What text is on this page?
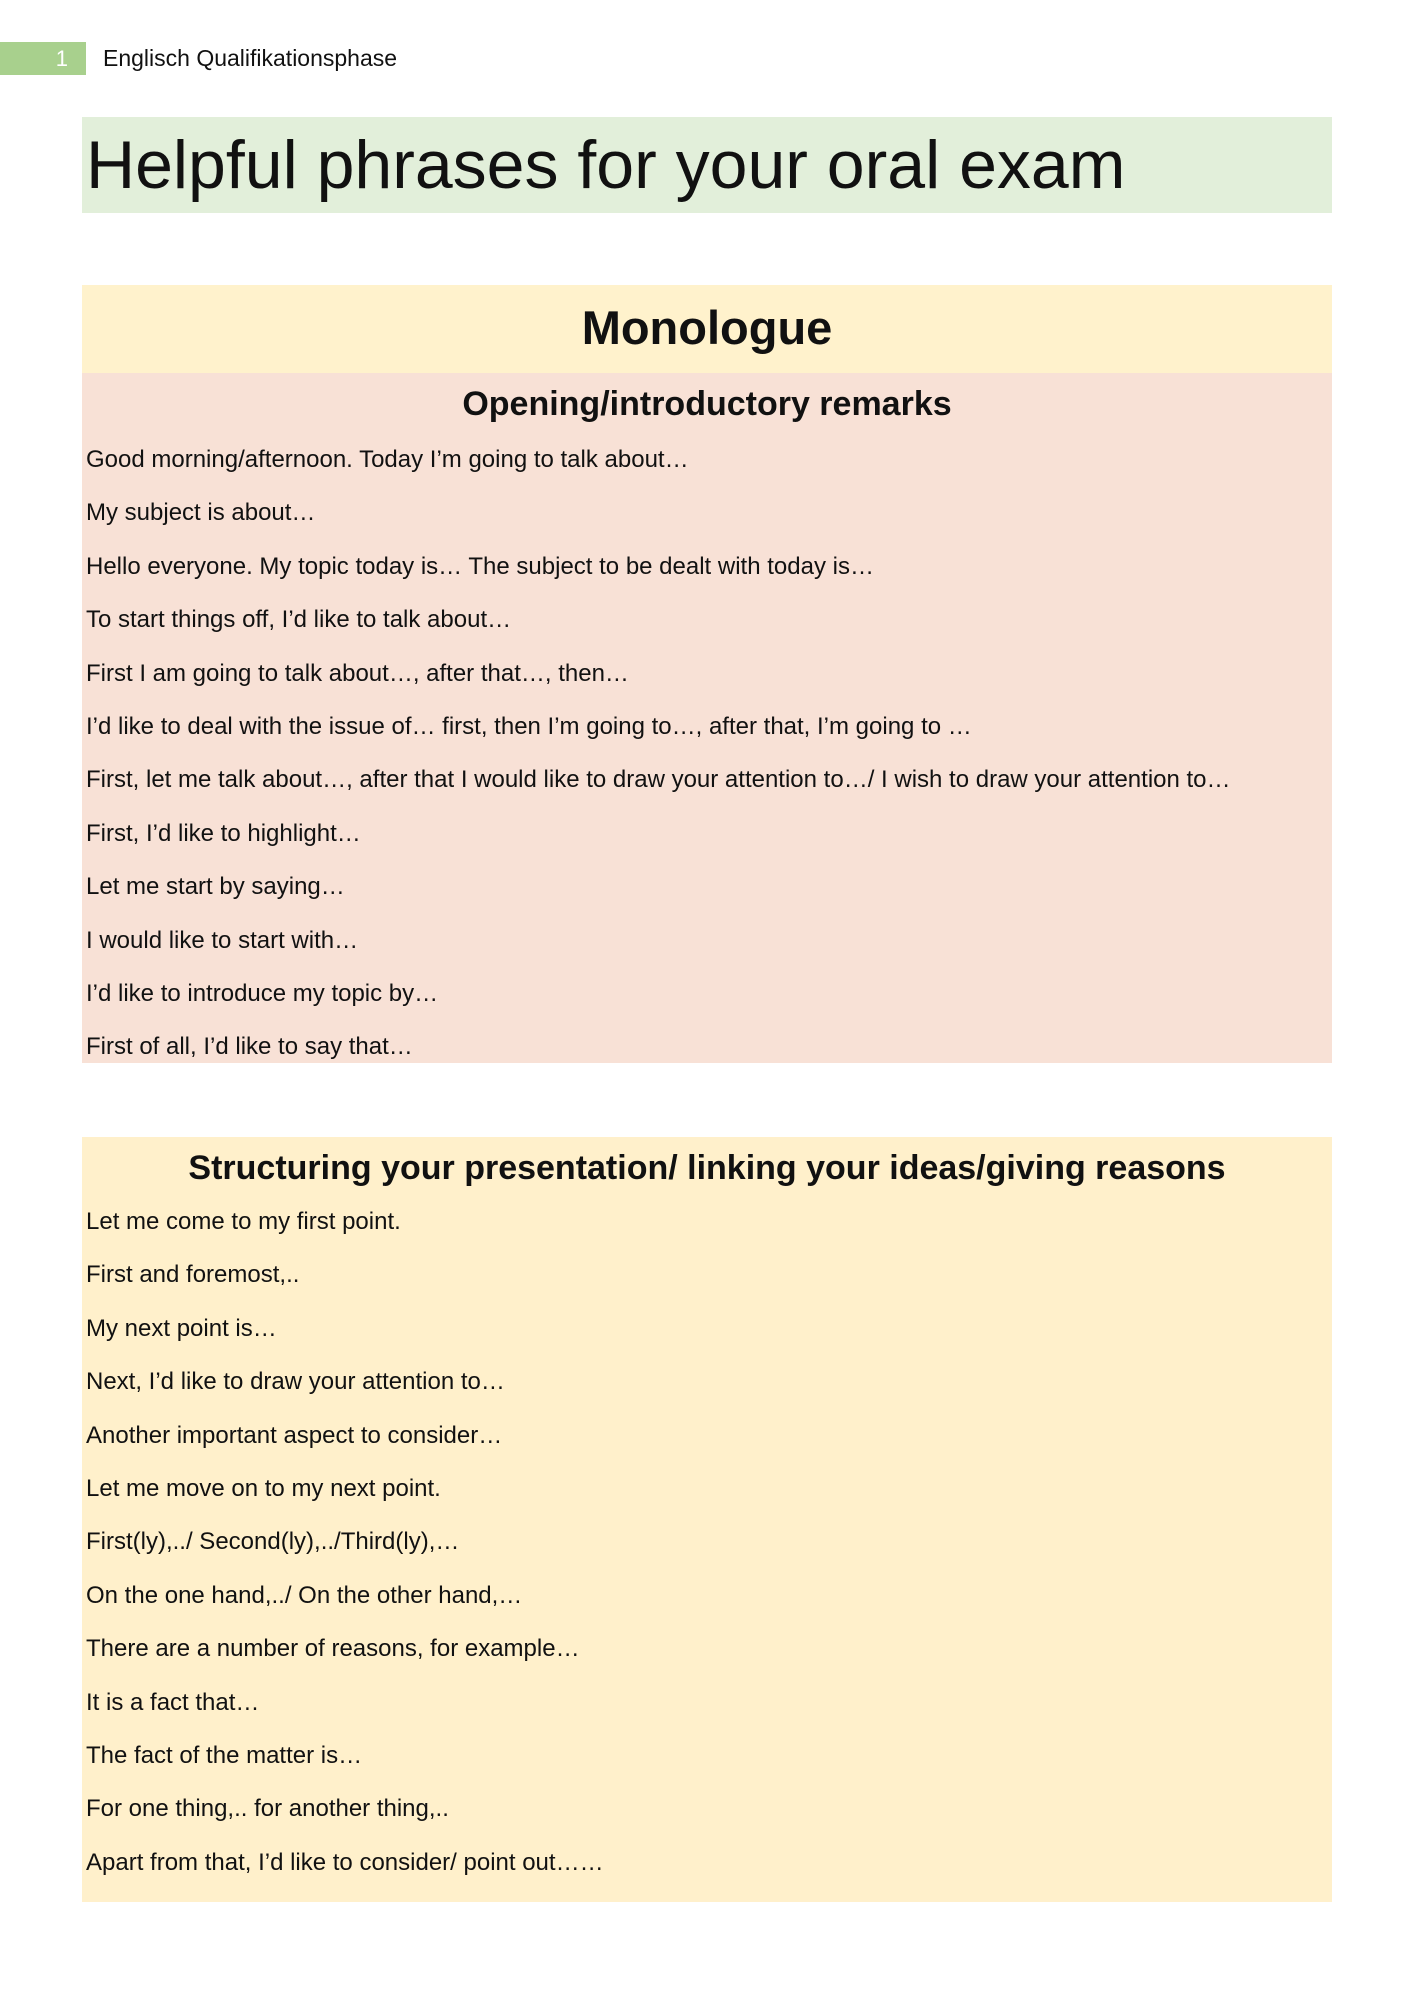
1	Englisch Qualifikationsphase
Helpful phrases for your oral exam
Monologue
Opening/introductory remarks
Good morning/afternoon. Today I’m going to talk about…
My subject is about…
Hello everyone. My topic today is… The subject to be dealt with today is…
To start things off, I’d like to talk about…
First I am going to talk about…, after that…, then…
I’d like to deal with the issue of… first, then I’m going to…, after that, I’m going to …
First, let me talk about…, after that I would like to draw your attention to…/ I wish to draw your attention to…
First, I’d like to highlight…
Let me start by saying…
I would like to start with…
I’d like to introduce my topic by…
First of all, I’d like to say that…
Structuring your presentation/ linking your ideas/giving reasons
Let me come to my first point.
First and foremost,..
My next point is…
Next, I’d like to draw your attention to…
Another important aspect to consider…
Let me move on to my next point.
First(ly),../ Second(ly),../Third(ly),…
On the one hand,../ On the other hand,…
There are a number of reasons, for example…
It is a fact that…
The fact of the matter is…
For one thing,.. for another thing,..
Apart from that, I’d like to consider/ point out……
